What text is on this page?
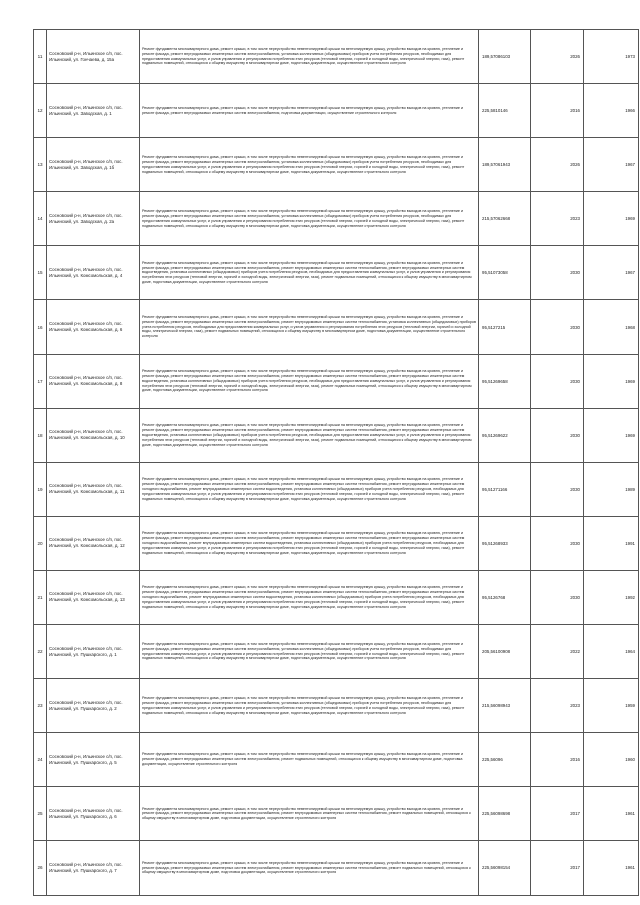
11	Сосновский р-н, Ильинское с/п, пос. Ильинский, ул. Гончаева, д. 15а	Ремонт фундамента многоквартирного дома, ремонт крыши, в том числе переустройство невентилируемой крыши на вентилируемую крышу, устройство выходов на кровлю, утепление и ремонт фасада, ремонт внутридомовых инженерных систем электроснабжения, установка коллективных (общедомовых) приборов учета потребления ресурсов, необходимых для предоставления коммунальных услуг, и узлов управления и регулирования потребления этих ресурсов (тепловой энергии, горячей и холодной воды, электрической энергии, газа), ремонт подвальных помещений, относящихся к общему имуществу в многоквартирном доме, подготовка документации, осуществление строительного контроля	189,57086103	2026	1973
12	Сосновский р-н, Ильинское с/п, пос. Ильинский, ул. Заводская, д. 1	Ремонт фундамента многоквартирного дома, ремонт крыши, в том числе переустройство невентилируемой крыши на вентилируемую крышу, устройство выходов на кровлю, утепление и ремонт фасада, ремонт внутридомовых инженерных систем электроснабжения, подготовка документации, осуществление строительного контроля	225,5810146	2016	1966
13	Сосновский р-н, Ильинское с/п, пос. Ильинский, ул. Заводская, д. 1б	Ремонт фундамента многоквартирного дома, ремонт крыши, в том числе переустройство невентилируемой крыши на вентилируемую крышу, устройство выходов на кровлю, утепление и ремонт фасада, ремонт внутридомовых инженерных систем электроснабжения, установка коллективных (общедомовых) приборов учета потребления ресурсов, необходимых для предоставления коммунальных услуг, и узлов управления и регулирования потребления этих ресурсов (тепловой энергии, горячей и холодной воды, электрической энергии, газа), ремонт подвальных помещений, относящихся к общему имуществу в многоквартирном доме, подготовка документации, осуществление строительного контроля	189,57061943	2026	1967
14	Сосновский р-н, Ильинское с/п, пос. Ильинский, ул. Заводская, д. 2а	Ремонт фундамента многоквартирного дома, ремонт крыши, в том числе переустройство невентилируемой крыши на вентилируемую крышу, устройство выходов на кровлю, утепление и ремонт фасада, ремонт внутридомовых инженерных систем электроснабжения, установка коллективных (общедомовых) приборов учета потребления ресурсов, необходимых для предоставления коммунальных услуг, и узлов управления и регулирования потребления этих ресурсов (тепловой энергии, горячей и холодной воды, электрической энергии, газа), ремонт подвальных помещений, относящихся к общему имуществу в многоквартирном доме, подготовка документации, осуществление строительного контроля	215,57062668	2023	1969
15	Сосновский р-н, Ильинское с/п, пос. Ильинский, ул. Комсомольская, д. 4	Ремонт фундамента многоквартирного дома, ремонт крыши, в том числе переустройство невентилируемой крыши на вентилируемую крышу, устройство выходов на кровлю, утепление и ремонт фасада, ремонт внутридомовых инженерных систем электроснабжения, ремонт внутридомовых инженерных систем теплоснабжения, ремонт внутридомовых инженерных систем водоотведения, установка коллективных (общедомовых) приборов учета потребления ресурсов, необходимых для предоставления коммунальных услуг, и узлов управления и регулирования потребления этих ресурсов (тепловой энергии, горячей и холодной воды, электрической энергии, газа), ремонт подвальных помещений, относящихся к общему имуществу в многоквартирном доме, подготовка документации, осуществление строительного контроля	95,51073058	2030	1967
16	Сосновский р-н, Ильинское с/п, пос. Ильинский, ул. Комсомольская, д. 6	Ремонт фундамента многоквартирного дома, ремонт крыши, в том числе переустройство невентилируемой крыши на вентилируемую крышу, устройство выходов на кровлю, утепление и ремонт фасада, ремонт внутридомовых инженерных систем электроснабжения, ремонт внутридомовых инженерных систем теплоснабжения, установка коллективных (общедомовых) приборов учета потребления ресурсов, необходимых для предоставления коммунальных услуг, и узлов управления и регулирования потребления этих ресурсов (тепловой энергии, горячей и холодной воды, электрической энергии, газа), ремонт подвальных помещений, относящихся к общему имуществу в многоквартирном доме, подготовка документации, осуществление строительного контроля	95,5127215	2030	1968
17	Сосновский р-н, Ильинское с/п, пос. Ильинский, ул. Комсомольская, д. 8	Ремонт фундамента многоквартирного дома, ремонт крыши, в том числе переустройство невентилируемой крыши на вентилируемую крышу, устройство выходов на кровлю, утепление и ремонт фасада, ремонт внутридомовых инженерных систем электроснабжения, ремонт внутридомовых инженерных систем теплоснабжения, ремонт внутридомовых инженерных систем водоотведения, установка коллективных (общедомовых) приборов учета потребления ресурсов, необходимых для предоставления коммунальных услуг, и узлов управления и регулирования потребления этих ресурсов (тепловой энергии, горячей и холодной воды, электрической энергии, газа), ремонт подвальных помещений, относящихся к общему имуществу в многоквартирном доме, подготовка документации, осуществление строительного контроля	95,51269658	2030	1969
18	Сосновский р-н, Ильинское с/п, пос. Ильинский, ул. Комсомольская, д. 10	Ремонт фундамента многоквартирного дома, ремонт крыши, в том числе переустройство невентилируемой крыши на вентилируемую крышу, устройство выходов на кровлю, утепление и ремонт фасада, ремонт внутридомовых инженерных систем электроснабжения, ремонт внутридомовых инженерных систем теплоснабжения, ремонт внутридомовых инженерных систем водоотведения, установка коллективных (общедомовых) приборов учета потребления ресурсов, необходимых для предоставления коммунальных услуг, и узлов управления и регулирования потребления этих ресурсов (тепловой энергии, горячей и холодной воды, электрической энергии, газа), ремонт подвальных помещений, относящихся к общему имуществу в многоквартирном доме, подготовка документации, осуществление строительного контроля	95,51269622	2030	1969
19	Сосновский р-н, Ильинское с/п, пос. Ильинский, ул. Комсомольская, д. 11	Ремонт фундамента многоквартирного дома, ремонт крыши, в том числе переустройство невентилируемой крыши на вентилируемую крышу, устройство выходов на кровлю, утепление и ремонт фасада, ремонт внутридомовых инженерных систем электроснабжения, ремонт внутридомовых инженерных систем теплоснабжения, ремонт внутридомовых инженерных систем холодного водоснабжения, ремонт внутридомовых инженерных систем водоотведения, установка коллективных (общедомовых) приборов учета потребления ресурсов, необходимых для предоставления коммунальных услуг, и узлов управления и регулирования потребления этих ресурсов (тепловой энергии, горячей и холодной воды, электрической энергии, газа), ремонт подвальных помещений, относящихся к общему имуществу в многоквартирном доме, подготовка документации, осуществление строительного контроля	95,51271166	2030	1989
20	Сосновский р-н, Ильинское с/п, пос. Ильинский, ул. Комсомольская, д. 12	Ремонт фундамента многоквартирного дома, ремонт крыши, в том числе переустройство невентилируемой крыши на вентилируемую крышу, устройство выходов на кровлю, утепление и ремонт фасада, ремонт внутридомовых инженерных систем электроснабжения, ремонт внутридомовых инженерных систем теплоснабжения, ремонт внутридомовых инженерных систем холодного водоснабжения, ремонт внутридомовых инженерных систем водоотведения, установка коллективных (общедомовых) приборов учета потребления ресурсов, необходимых для предоставления коммунальных услуг, и узлов управления и регулирования потребления этих ресурсов (тепловой энергии, горячей и холодной воды, электрической энергии, газа), ремонт подвальных помещений, относящихся к общему имуществу в многоквартирном доме, подготовка документации, осуществление строительного контроля	95,51268933	2030	1991
21	Сосновский р-н, Ильинское с/п, пос. Ильинский, ул. Комсомольская, д. 13	Ремонт фундамента многоквартирного дома, ремонт крыши, в том числе переустройство невентилируемой крыши на вентилируемую крышу, устройство выходов на кровлю, утепление и ремонт фасада, ремонт внутридомовых инженерных систем электроснабжения, ремонт внутридомовых инженерных систем теплоснабжения, ремонт внутридомовых инженерных систем холодного водоснабжения, ремонт внутридомовых инженерных систем водоотведения, установка коллективных (общедомовых) приборов учета потребления ресурсов, необходимых для предоставления коммунальных услуг, и узлов управления и регулирования потребления этих ресурсов (тепловой энергии, горячей и холодной воды, электрической энергии, газа), ремонт подвальных помещений, относящихся к общему имуществу в многоквартирном доме, подготовка документации, осуществление строительного контроля	95,5126768	2030	1992
22	Сосновский р-н, Ильинское с/п, пос. Ильинский, ул. Пушкарского, д. 1	Ремонт фундамента многоквартирного дома, ремонт крыши, в том числе переустройство невентилируемой крыши на вентилируемую крышу, устройство выходов на кровлю, утепление и ремонт фасада, ремонт внутридомовых инженерных систем электроснабжения, установка коллективных (общедомовых) приборов учета потребления ресурсов, необходимых для предоставления коммунальных услуг, и узлов управления и регулирования потребления этих ресурсов (тепловой энергии, горячей и холодной воды, электрической энергии, газа), ремонт подвальных помещений, относящихся к общему имуществу в многоквартирном доме, подготовка документации, осуществление строительного контроля	205,56100908	2022	1964
23	Сосновский р-н, Ильинское с/п, пос. Ильинский, ул. Пушкарского, д. 2	Ремонт фундамента многоквартирного дома, ремонт крыши, в том числе переустройство невентилируемой крыши на вентилируемую крышу, устройство выходов на кровлю, утепление и ремонт фасада, ремонт внутридомовых инженерных систем электроснабжения, установка коллективных (общедомовых) приборов учета потребления ресурсов, необходимых для предоставления коммунальных услуг, и узлов управления и регулирования потребления этих ресурсов (тепловой энергии, горячей и холодной воды, электрической энергии, газа), ремонт подвальных помещений, относящихся к общему имуществу в многоквартирном доме, подготовка документации, осуществление строительного контроля	215,56098943	2023	1959
24	Сосновский р-н, Ильинское с/п, пос. Ильинский, ул. Пушкарского, д. 5	Ремонт фундамента многоквартирного дома, ремонт крыши, в том числе переустройство невентилируемой крыши на вентилируемую крышу, устройство выходов на кровлю, утепление и ремонт фасада, ремонт внутридомовых инженерных систем электроснабжения, ремонт подвальных помещений, относящихся к общему имуществу в многоквартирном доме, подготовка документации, осуществление строительного контроля	225,56096	2016	1960
25	Сосновский р-н, Ильинское с/п, пос. Ильинский, ул. Пушкарского, д. 6	Ремонт фундамента многоквартирного дома, ремонт крыши, в том числе переустройство невентилируемой крыши на вентилируемую крышу, устройство выходов на кровлю, утепление и ремонт фасада, ремонт внутридомовых инженерных систем электроснабжения, ремонт внутридомовых инженерных систем теплоснабжения, ремонт подвальных помещений, относящихся к общему имуществу в многоквартирном доме, подготовка документации, осуществление строительного контроля	225,56098698	2017	1961
26	Сосновский р-н, Ильинское с/п, пос. Ильинский, ул. Пушкарского, д. 7	Ремонт фундамента многоквартирного дома, ремонт крыши, в том числе переустройство невентилируемой крыши на вентилируемую крышу, устройство выходов на кровлю, утепление и ремонт фасада, ремонт внутридомовых инженерных систем электроснабжения, ремонт внутридомовых инженерных систем теплоснабжения, ремонт подвальных помещений, относящихся к общему имуществу в многоквартирном доме, подготовка документации, осуществление строительного контроля	225,56098154	2017	1961
